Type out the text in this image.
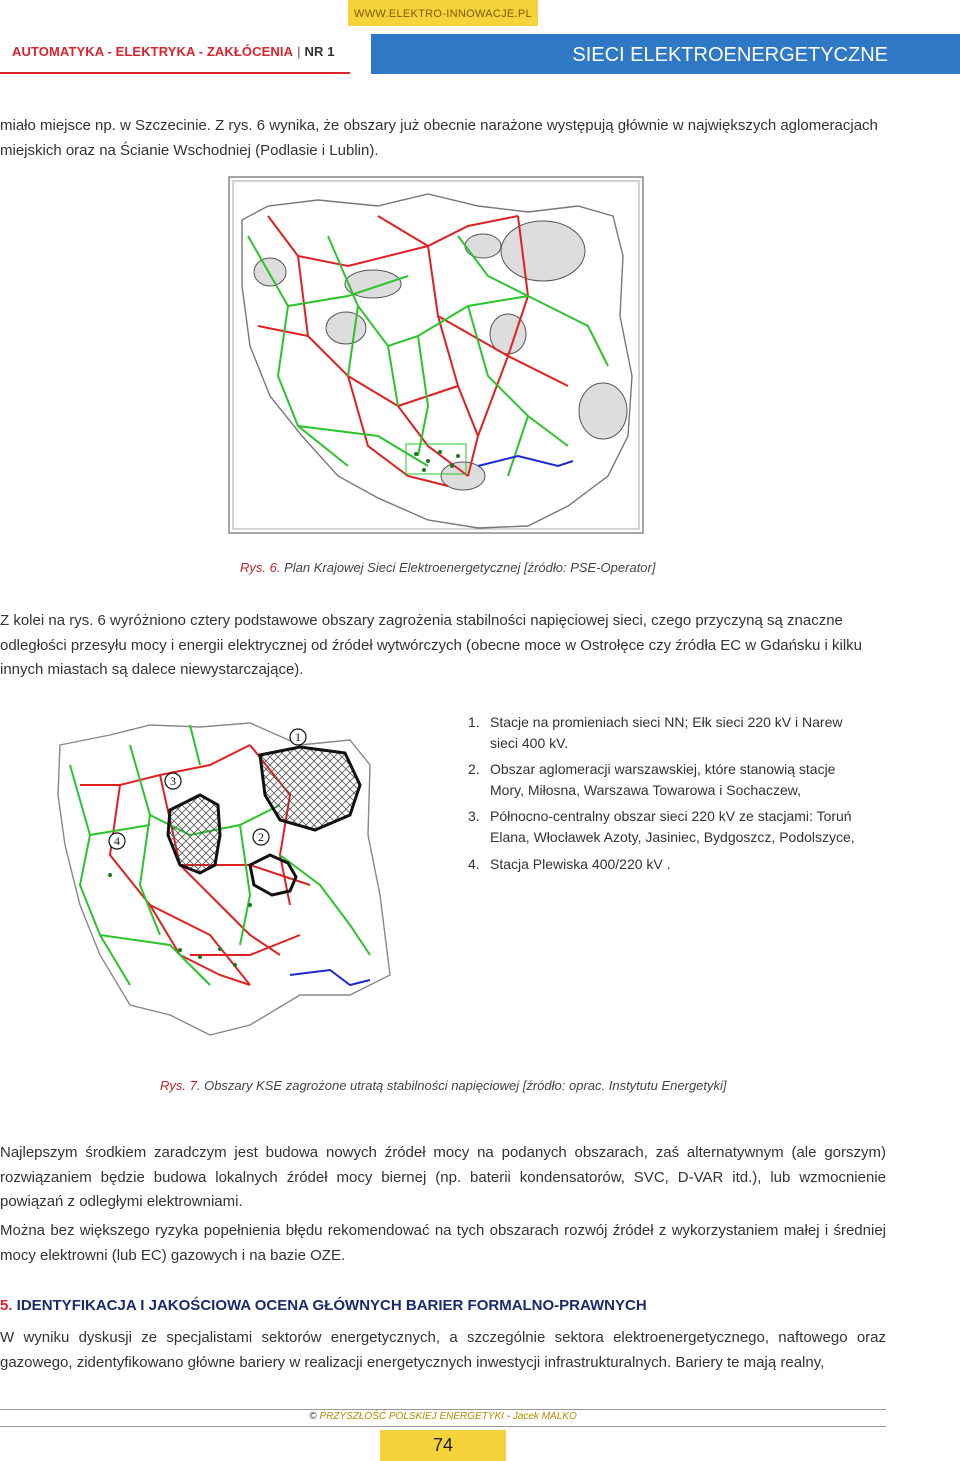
WWW.ELEKTRO-INNOWACJE.PL
AUTOMATYKA - ELEKTRYKA - ZAKŁÓCENIA | NR 1	SIECI ELEKTROENERGETYCZNE
miało miejsce np. w Szczecinie. Z rys. 6 wynika, że obszary już obecnie narażone występują głównie w największych aglomeracjach miejskich oraz na Ścianie Wschodniej (Podlasie i Lublin).
Rys. 6. Plan Krajowej Sieci Elektroenergetycznej [źródło: PSE-Operator]
Z kolei na rys. 6 wyróżniono cztery podstawowe obszary zagrożenia stabilności napięciowej sieci, czego przyczyną są znaczne odległości przesyłu mocy i energii elektrycznej od źródeł wytwórczych (obecne moce w Ostrołęce czy źródła EC w Gdańsku i kilku innych miastach są dalece niewystarczające).
1
2
3
4
1. Stacje na promieniach sieci NN; Ełk sieci 220 kV i Narew sieci 400 kV.
2. Obszar aglomeracji warszawskiej, które stanowią stacje Mory, Miłosna, Warszawa Towarowa i Sochaczew,
3. Północno-centralny obszar sieci 220 kV ze stacjami: Toruń Elana, Włocławek Azoty, Jasiniec, Bydgoszcz, Podolszyce,
4. Stacja Plewiska 400/220 kV .
Rys. 7. Obszary KSE zagrożone utratą stabilności napięciowej [źródło: oprac. Instytutu Energetyki]
Najlepszym środkiem zaradczym jest budowa nowych źródeł mocy na podanych obszarach, zaś alternatywnym (ale gorszym) rozwiązaniem będzie budowa lokalnych źródeł mocy biernej (np. baterii kondensatorów, SVC, D-VAR itd.), lub wzmocnienie powiązań z odległymi elektrowniami.
Można bez większego ryzyka popełnienia błędu rekomendować na tych obszarach rozwój źródeł z wykorzystaniem małej i średniej mocy elektrowni (lub EC) gazowych i na bazie OZE.
5. IDENTYFIKACJA I JAKOŚCIOWA OCENA GŁÓWNYCH BARIER FORMALNO-PRAWNYCH
W wyniku dyskusji ze specjalistami sektorów energetycznych, a szczególnie sektora elektroenergetycznego, naftowego oraz gazowego, zidentyfikowano główne bariery w realizacji energetycznych inwestycji infrastrukturalnych. Bariery te mają realny,
© PRZYSZŁOŚĆ POLSKIEJ ENERGETYKI - Jacek MALKO
74
